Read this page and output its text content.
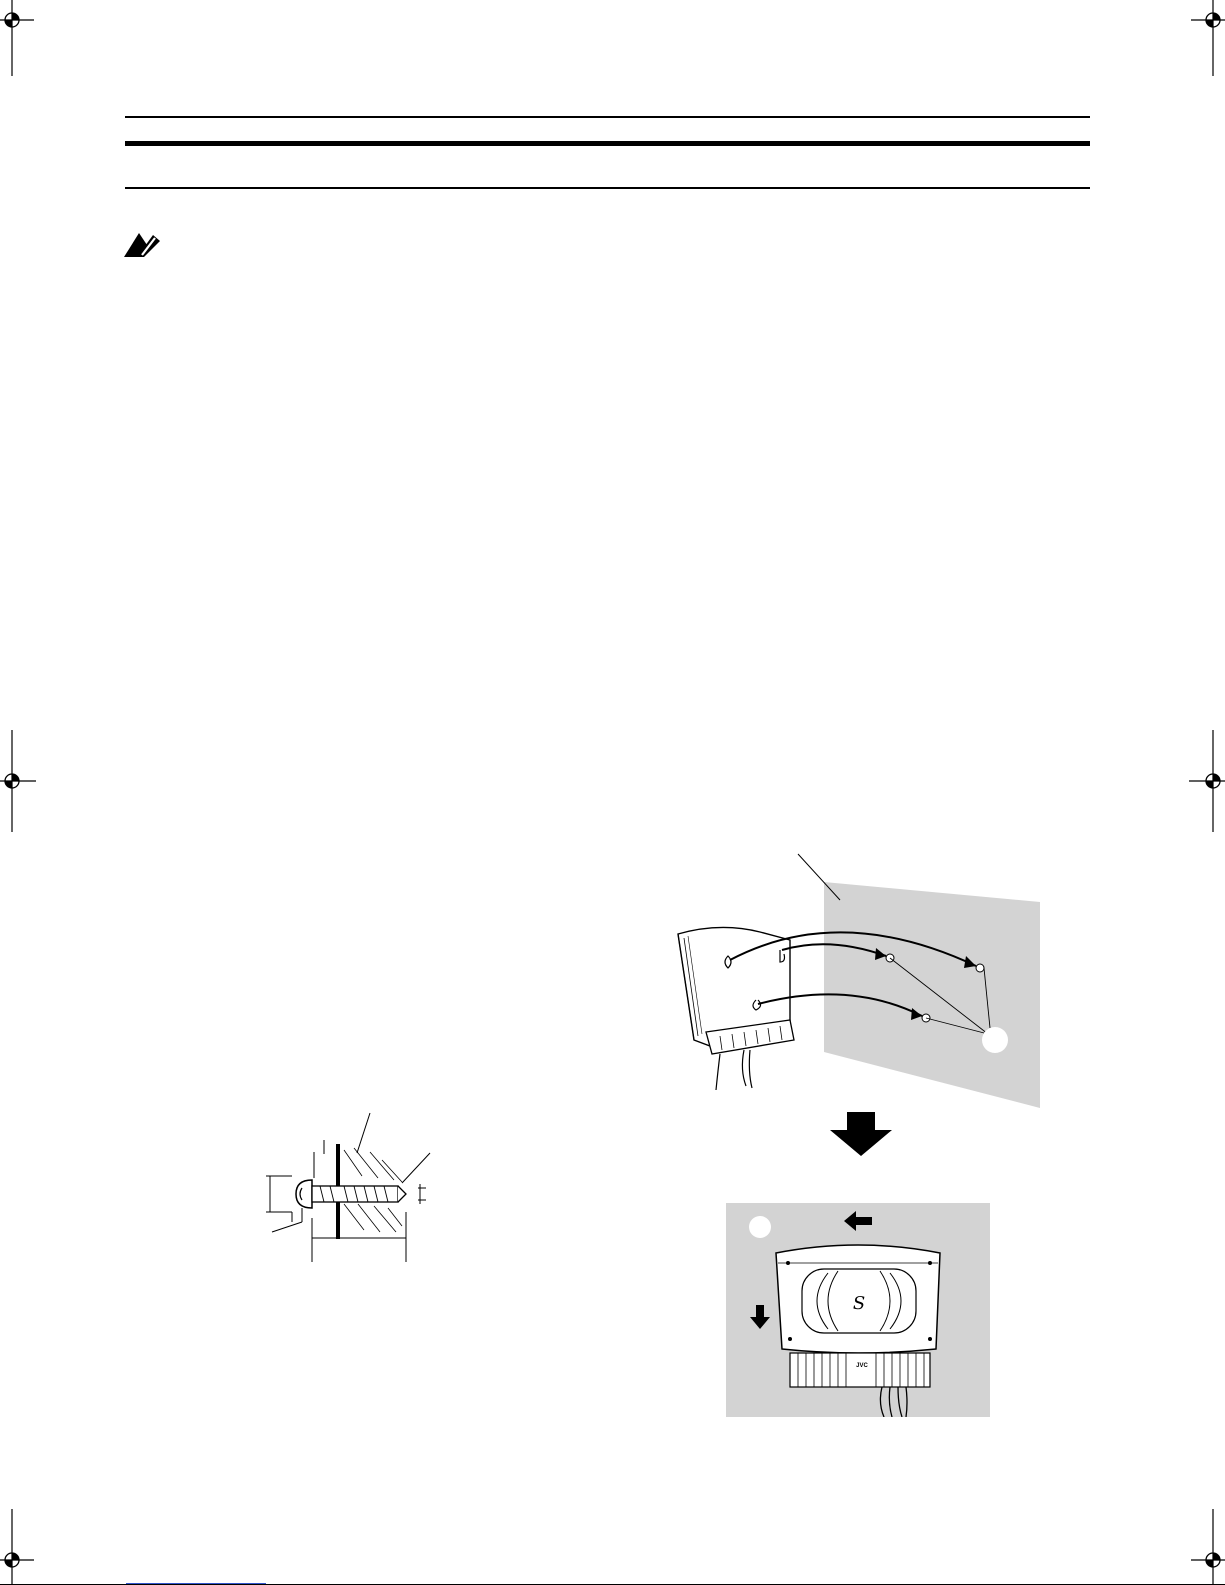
S
JVC
